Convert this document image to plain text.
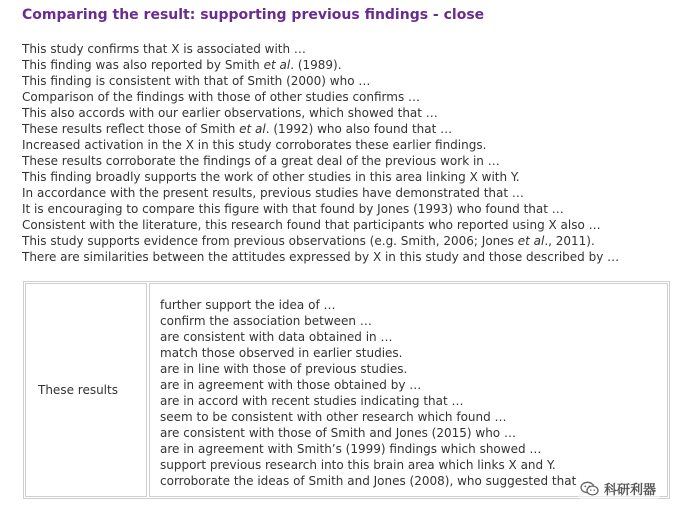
Comparing the result: supporting previous findings - close
This study confirms that X is associated with …
This finding was also reported by Smith et al. (1989).
This finding is consistent with that of Smith (2000) who …
Comparison of the findings with those of other studies confirms …
This also accords with our earlier observations, which showed that …
These results reflect those of Smith et al. (1992) who also found that …
Increased activation in the X in this study corroborates these earlier findings.
These results corroborate the findings of a great deal of the previous work in …
This finding broadly supports the work of other studies in this area linking X with Y.
In accordance with the present results, previous studies have demonstrated that …
It is encouraging to compare this figure with that found by Jones (1993) who found that …
Consistent with the literature, this research found that participants who reported using X also …
This study supports evidence from previous observations (e.g. Smith, 2006; Jones et al., 2011).
There are similarities between the attitudes expressed by X in this study and those described by …
These results
further support the idea of …
confirm the association between …
are consistent with data obtained in …
match those observed in earlier studies.
are in line with those of previous studies.
are in agreement with those obtained by …
are in accord with recent studies indicating that …
seem to be consistent with other research which found …
are consistent with those of Smith and Jones (2015) who …
are in agreement with Smith’s (1999) findings which showed …
support previous research into this brain area which links X and Y.
corroborate the ideas of Smith and Jones (2008), who suggested that
科研利器
